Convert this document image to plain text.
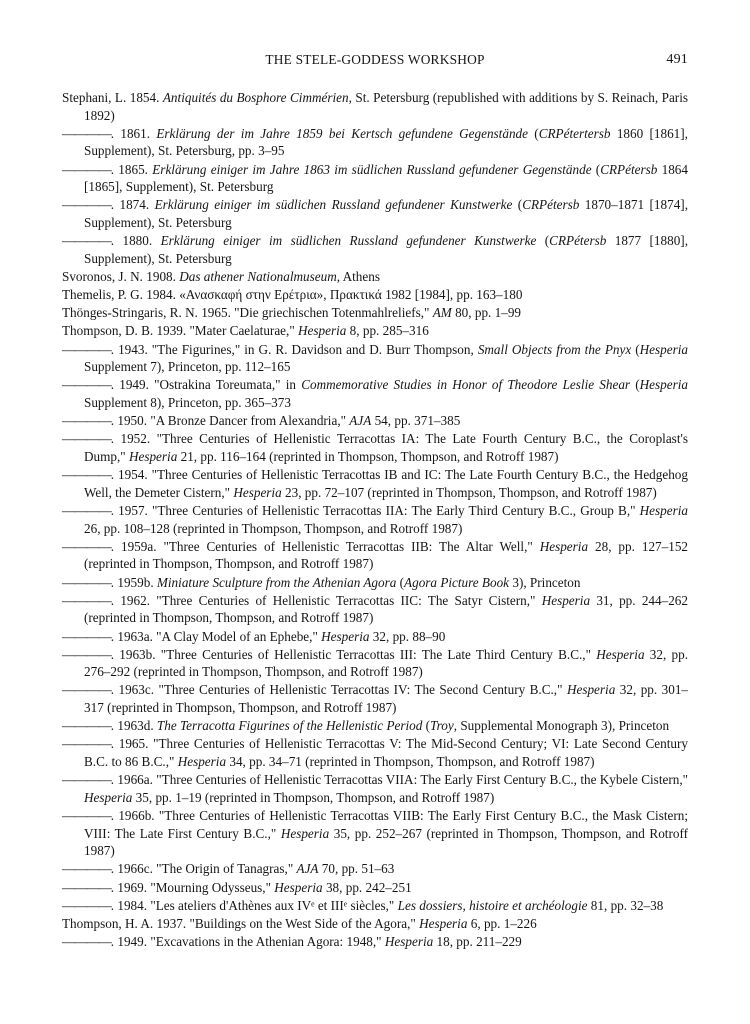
THE STELE-GODDESS WORKSHOP	491

Stephani, L. 1854. Antiquités du Bosphore Cimmérien, St. Petersburg (republished with additions by S. Reinach, Paris 1892)

————. 1861. Erklärung der im Jahre 1859 bei Kertsch gefundene Gegenstände (CRPétertersb 1860 [1861], Supplement), St. Petersburg, pp. 3–95

————. 1865. Erklärung einiger im Jahre 1863 im südlichen Russland gefundener Gegenstände (CRPétersb 1864 [1865], Supplement), St. Petersburg

————. 1874. Erklärung einiger im südlichen Russland gefundener Kunstwerke (CRPétersb 1870–1871 [1874], Supplement), St. Petersburg

————. 1880. Erklärung einiger im südlichen Russland gefundener Kunstwerke (CRPétersb 1877 [1880], Supplement), St. Petersburg

Svoronos, J. N. 1908. Das athener Nationalmuseum, Athens

Themelis, P. G. 1984. «Ανασκαφή στην Ερέτρια», Πρακτικά 1982 [1984], pp. 163–180

Thönges-Stringaris, R. N. 1965. "Die griechischen Totenmahlreliefs," AM 80, pp. 1–99

Thompson, D. B. 1939. "Mater Caelaturae," Hesperia 8, pp. 285–316

————. 1943. "The Figurines," in G. R. Davidson and D. Burr Thompson, Small Objects from the Pnyx (Hesperia Supplement 7), Princeton, pp. 112–165

————. 1949. "Ostrakina Toreumata," in Commemorative Studies in Honor of Theodore Leslie Shear (Hesperia Supplement 8), Princeton, pp. 365–373

————. 1950. "A Bronze Dancer from Alexandria," AJA 54, pp. 371–385

————. 1952. "Three Centuries of Hellenistic Terracottas IA: The Late Fourth Century B.C., the Coroplast's Dump," Hesperia 21, pp. 116–164 (reprinted in Thompson, Thompson, and Rotroff 1987)

————. 1954. "Three Centuries of Hellenistic Terracottas IB and IC: The Late Fourth Century B.C., the Hedgehog Well, the Demeter Cistern," Hesperia 23, pp. 72–107 (reprinted in Thompson, Thompson, and Rotroff 1987)

————. 1957. "Three Centuries of Hellenistic Terracottas IIA: The Early Third Century B.C., Group B," Hesperia 26, pp. 108–128 (reprinted in Thompson, Thompson, and Rotroff 1987)

————. 1959a. "Three Centuries of Hellenistic Terracottas IIB: The Altar Well," Hesperia 28, pp. 127–152 (reprinted in Thompson, Thompson, and Rotroff 1987)

————. 1959b. Miniature Sculpture from the Athenian Agora (Agora Picture Book 3), Princeton

————. 1962. "Three Centuries of Hellenistic Terracottas IIC: The Satyr Cistern," Hesperia 31, pp. 244–262 (reprinted in Thompson, Thompson, and Rotroff 1987)

————. 1963a. "A Clay Model of an Ephebe," Hesperia 32, pp. 88–90

————. 1963b. "Three Centuries of Hellenistic Terracottas III: The Late Third Century B.C.," Hesperia 32, pp. 276–292 (reprinted in Thompson, Thompson, and Rotroff 1987)

————. 1963c. "Three Centuries of Hellenistic Terracottas IV: The Second Century B.C.," Hesperia 32, pp. 301–317 (reprinted in Thompson, Thompson, and Rotroff 1987)

————. 1963d. The Terracotta Figurines of the Hellenistic Period (Troy, Supplemental Monograph 3), Princeton

————. 1965. "Three Centuries of Hellenistic Terracottas V: The Mid-Second Century; VI: Late Second Century B.C. to 86 B.C.," Hesperia 34, pp. 34–71 (reprinted in Thompson, Thompson, and Rotroff 1987)

————. 1966a. "Three Centuries of Hellenistic Terracottas VIIA: The Early First Century B.C., the Kybele Cistern," Hesperia 35, pp. 1–19 (reprinted in Thompson, Thompson, and Rotroff 1987)

————. 1966b. "Three Centuries of Hellenistic Terracottas VIIB: The Early First Century B.C., the Mask Cistern; VIII: The Late First Century B.C.," Hesperia 35, pp. 252–267 (reprinted in Thompson, Thompson, and Rotroff 1987)

————. 1966c. "The Origin of Tanagras," AJA 70, pp. 51–63

————. 1969. "Mourning Odysseus," Hesperia 38, pp. 242–251

————. 1984. "Les ateliers d'Athènes aux IVᵉ et IIIᵉ siècles," Les dossiers, histoire et archéologie 81, pp. 32–38

Thompson, H. A. 1937. "Buildings on the West Side of the Agora," Hesperia 6, pp. 1–226

————. 1949. "Excavations in the Athenian Agora: 1948," Hesperia 18, pp. 211–229
